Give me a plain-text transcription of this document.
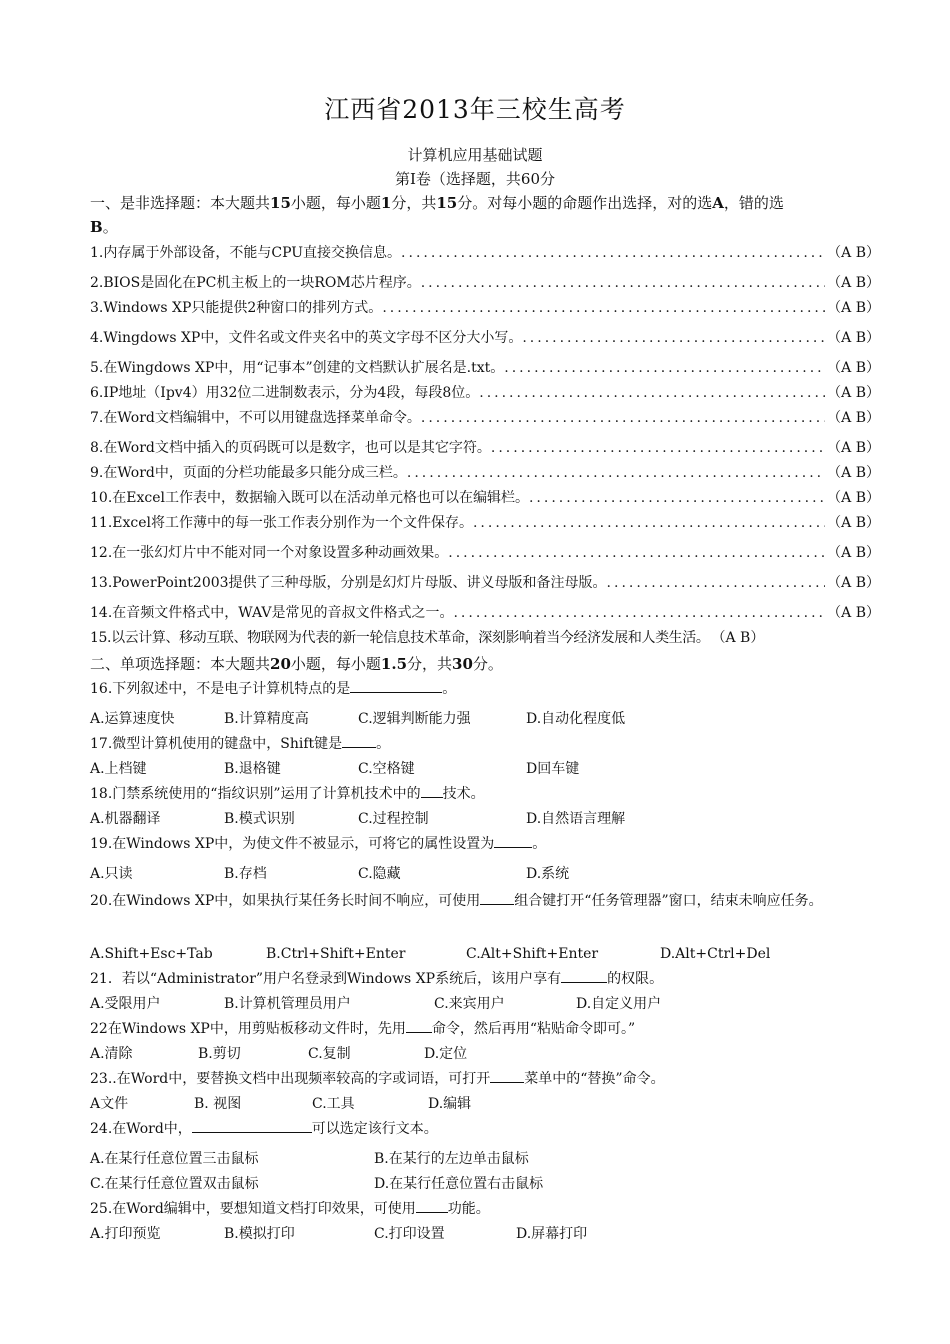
江西省2013年三校生高考
计算机应用基础试题
第Ⅰ卷（选择题，共60分
一、是非选择题：本大题共15小题，每小题1分，共15分。对每小题的命题作出选择，对的选A，错的选
B。
1.内存属于外部设备，不能与CPU直接交换信息。 .....	（A B）
2.BIOS是固化在PC机主板上的一块ROM芯片程序。 .....	（A B）
3.Windows XP只能提供2种窗口的排列方式。 .....	（A B）
4.Wingdows XP中，文件名或文件夹名中的英文字母不区分大小写。 .....	（A B）
5.在Wingdows XP中，用“记事本”创建的文档默认扩展名是.txt。 .....	（A B）
6.IP地址（Ipv4）用32位二进制数表示，分为4段，每段8位。 .....	（A B）
7.在Word文档编辑中，不可以用键盘选择菜单命令。 .....	（A B）
8.在Word文档中插入的页码既可以是数字，也可以是其它字符。 .....	（A B）
9.在Word中，页面的分栏功能最多只能分成三栏。 .....	（A B）
10.在Excel工作表中，数据输入既可以在活动单元格也可以在编辑栏。 .....	（A B）
11.Excel将工作薄中的每一张工作表分别作为一个文件保存。 .....	（A B）
12.在一张幻灯片中不能对同一个对象设置多种动画效果。 .....	（A B）
13.PowerPoint2003提供了三种母版，分别是幻灯片母版、讲义母版和备注母版。 .....	（A B）
14.在音频文件格式中，WAV是常见的音叔文件格式之一。 .....	（A B）
15.以云计算、移动互联、物联网为代表的新一轮信息技术革命，深刻影响着当今经济发展和人类生活。 （A B）
二、单项选择题：本大题共20小题，每小题1.5分，共30分。
16.下列叙述中，不是电子计算机特点的是	。
A.运算速度快	B.计算精度高	C.逻辑判断能力强	D.自动化程度低
17.微型计算机使用的键盘中，Shift键是 。
A.上档键	B.退格键	C.空格键	D回车键
18.门禁系统使用的“指纹识别”运用了计算机技术中的 技术。
A.机器翻译	B.模式识别	C.过程控制	D.自然语言理解
19.在Windows XP中，为使文件不被显示，可将它的属性设置为	。
A.只读	B.存档	C.隐藏	D.系统
20.在Windows XP中，如果执行某任务长时间不响应，可使用 组合键打开“任务管理器”窗口，结束未响应任务。
A.Shift+Esc+Tab	B.Ctrl+Shift+Enter	C.Alt+Shift+Enter	D.Alt+Ctrl+Del
21．若以“Administrator”用户名登录到Windows XP系统后，该用户享有	的权限。
A.受限用户	B.计算机管理员用户	C.来宾用户	D.自定义用户
22在Windows XP中，用剪贴板移动文件时，先用 命令，然后再用“粘贴命令即可。”
A.清除	B.剪切	C.复制	D.定位
23..在Word中，要替换文档中出现频率较高的字或词语，可打开 菜单中的“替换”命令。
A文件	B. 视图	C.工具	D.编辑
24.在Word中，	可以选定该行文本。
A.在某行任意位置三击鼠标	B.在某行的左边单击鼠标
C.在某行任意位置双击鼠标	D.在某行任意位置右击鼠标
25.在Word编辑中，要想知道文档打印效果，可使用 功能。
A.打印预览	B.模拟打印	C.打印设置	D.屏幕打印
